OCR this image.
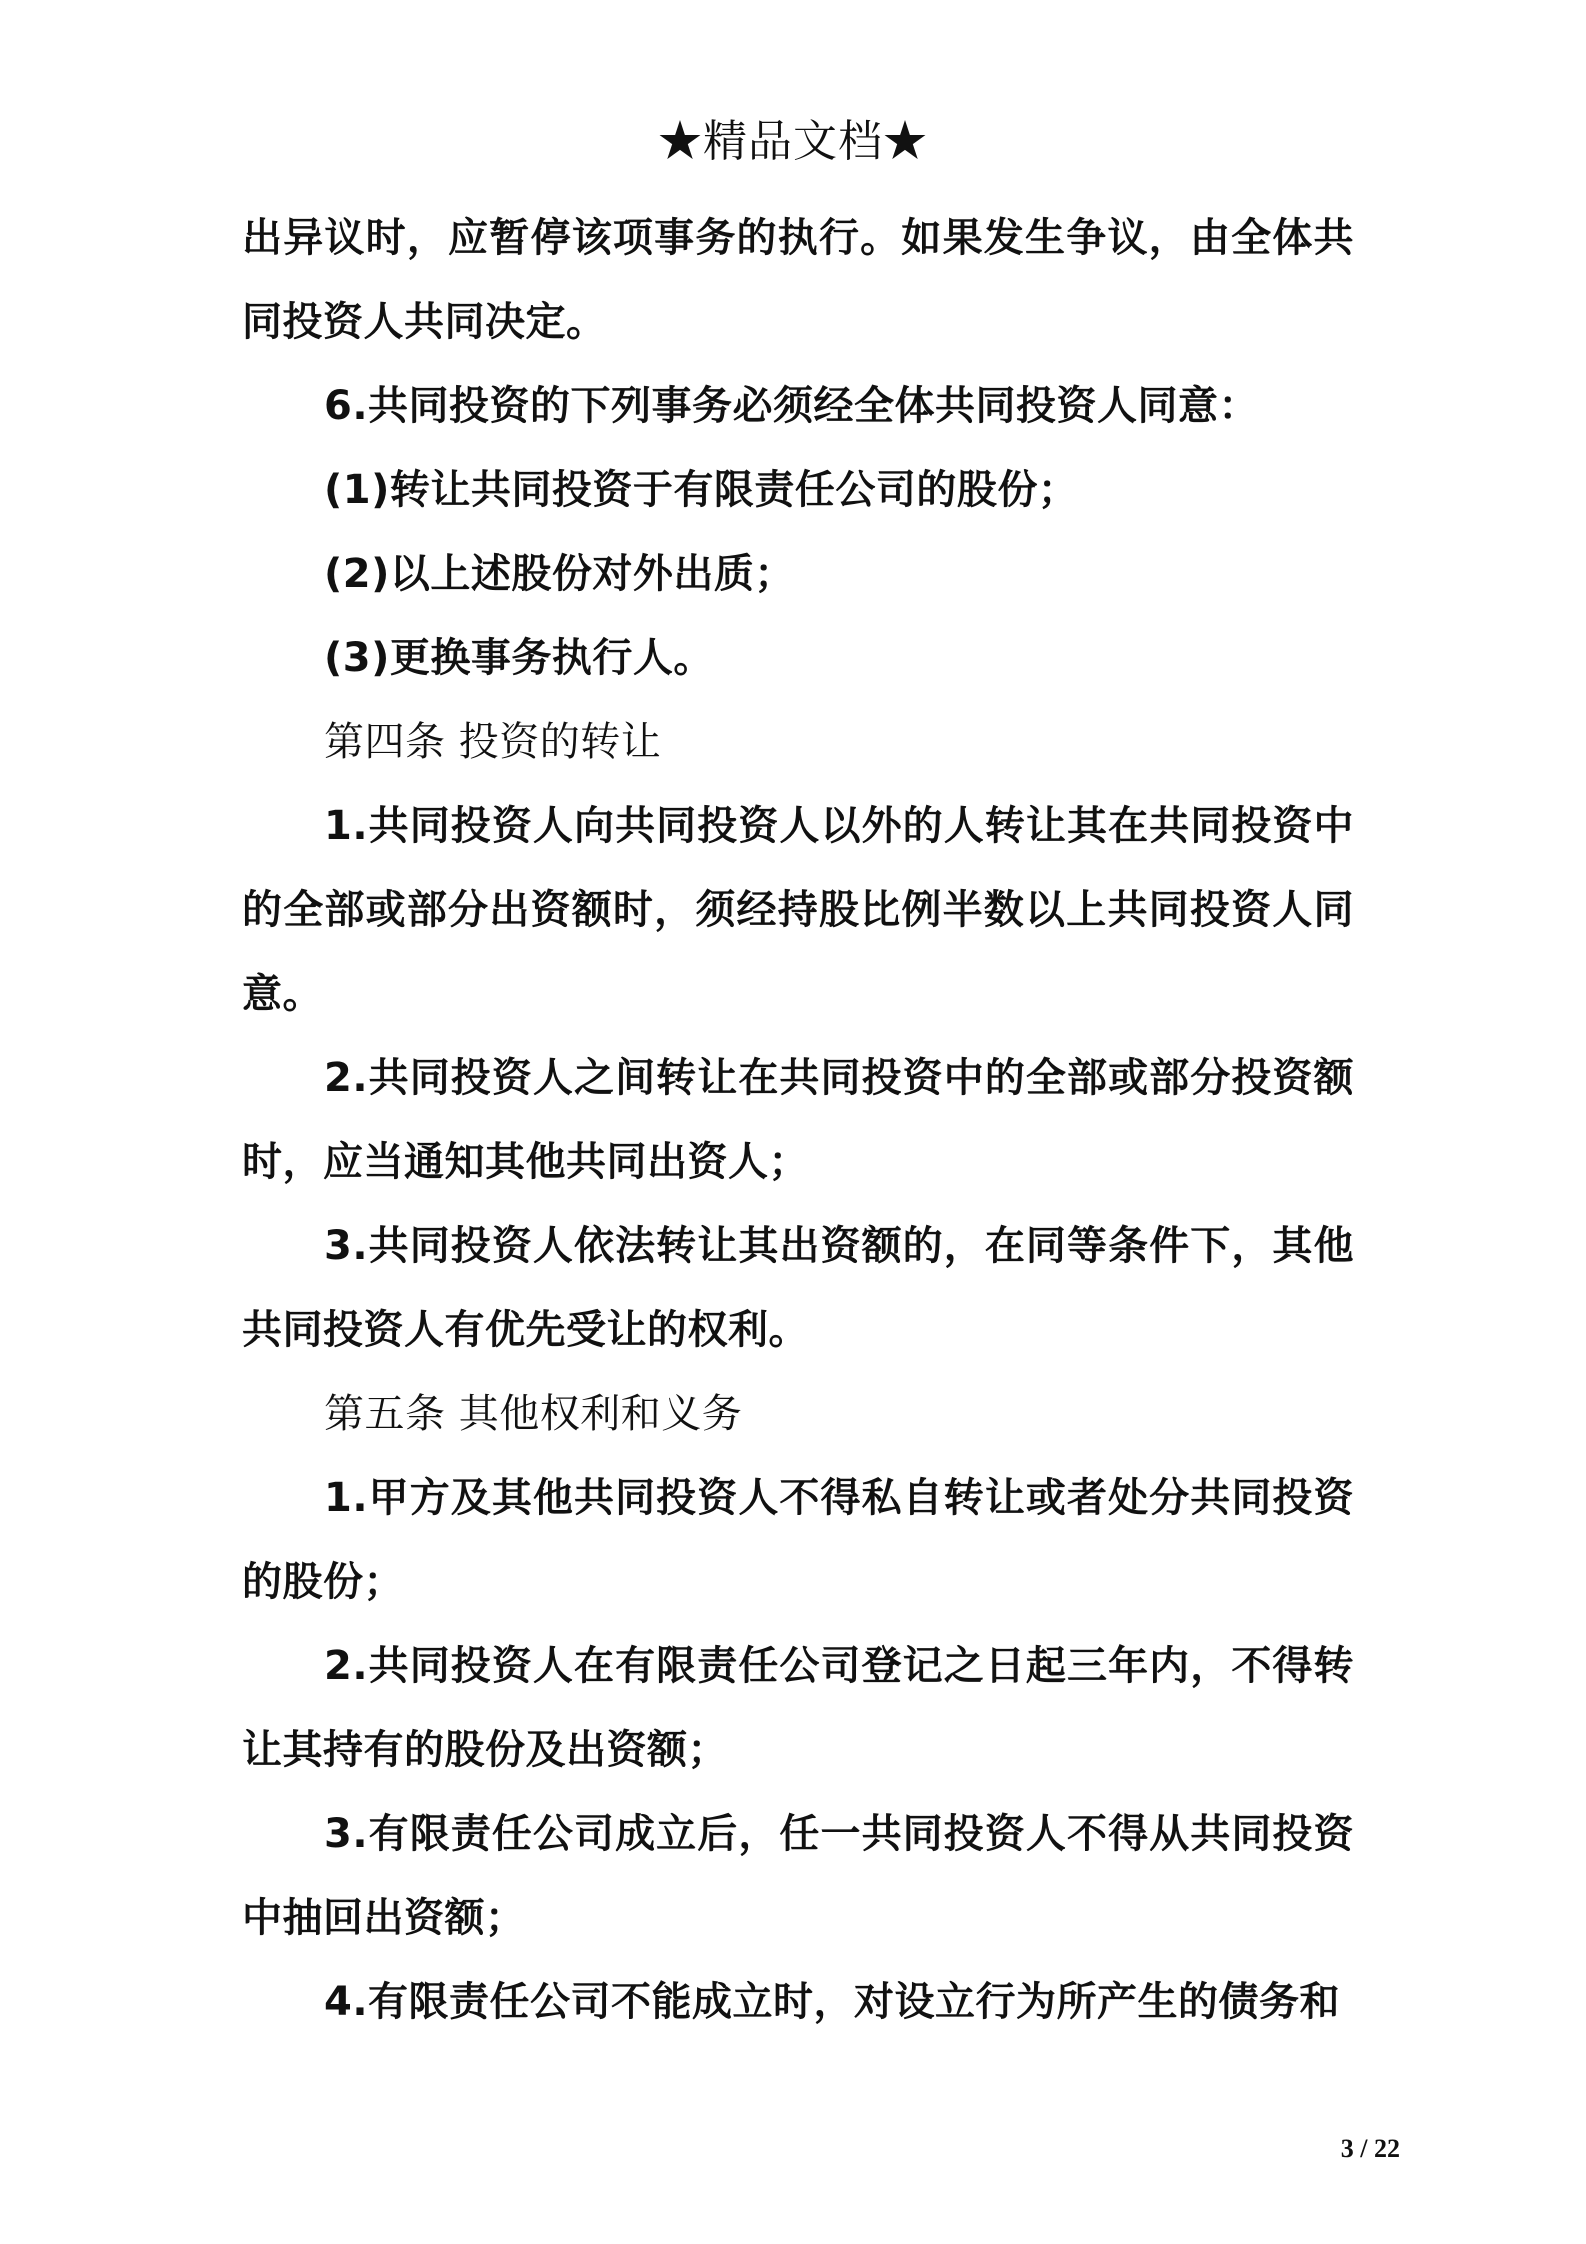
★精品文档★

出异议时，应暂停该项事务的执行。如果发生争议，由全体共同投资人共同决定。

6.共同投资的下列事务必须经全体共同投资人同意：

(1)转让共同投资于有限责任公司的股份；

(2)以上述股份对外出质；

(3)更换事务执行人。

第四条 投资的转让

1.共同投资人向共同投资人以外的人转让其在共同投资中的全部或部分出资额时，须经持股比例半数以上共同投资人同意。

2.共同投资人之间转让在共同投资中的全部或部分投资额时，应当通知其他共同出资人；

3.共同投资人依法转让其出资额的，在同等条件下，其他共同投资人有优先受让的权利。

第五条 其他权利和义务

1.甲方及其他共同投资人不得私自转让或者处分共同投资的股份；

2.共同投资人在有限责任公司登记之日起三年内，不得转让其持有的股份及出资额；

3.有限责任公司成立后，任一共同投资人不得从共同投资中抽回出资额；

4.有限责任公司不能成立时，对设立行为所产生的债务和

3 / 22
